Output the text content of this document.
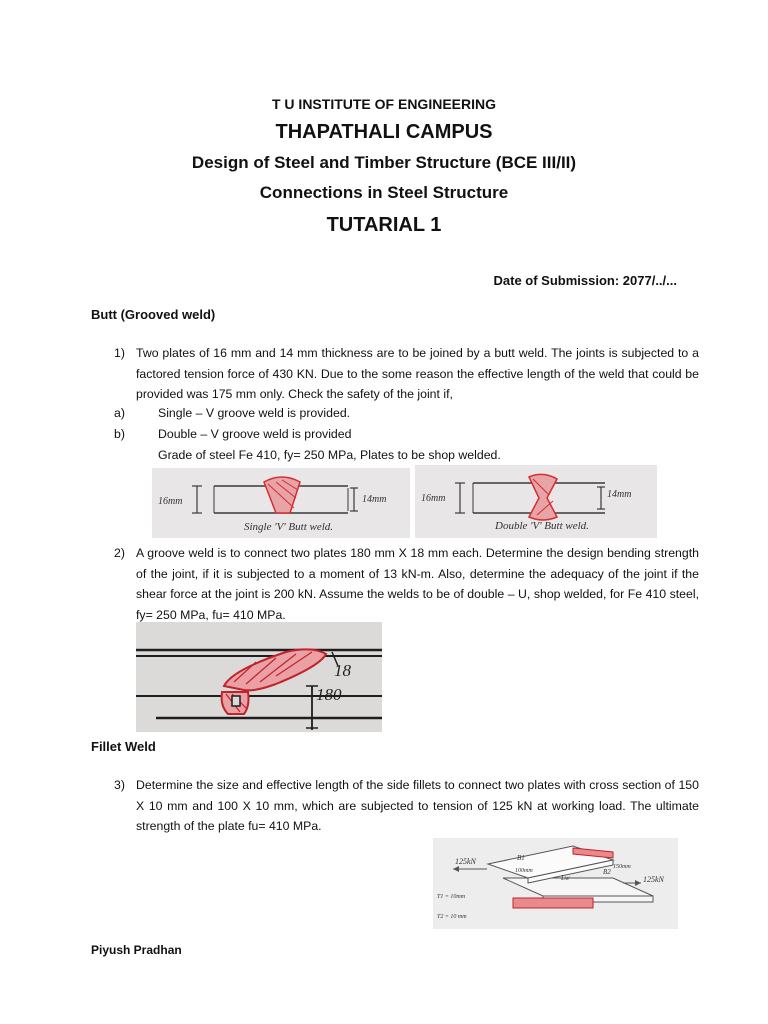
T U INSTITUTE OF ENGINEERING
THAPATHALI CAMPUS
Design of Steel and Timber Structure (BCE III/II)
Connections in Steel Structure
TUTARIAL 1
Date of Submission: 2077/../...
Butt (Grooved weld)
1) Two plates of 16 mm and 14 mm thickness are to be joined by a butt weld. The joints is subjected to a factored tension force of 430 KN. Due to the some reason the effective length of the weld that could be provided was 175 mm only. Check the safety of the joint if,

a)	Single – V groove weld is provided.
b)	Double – V groove weld is provided
Grade of steel Fe 410, fy= 250 MPa, Plates to be shop welded.
16mm	14mm
Single 'V' Butt weld.
16mm	14mm
Double 'V' Butt weld.
2) A groove weld is to connect two plates 180 mm X 18 mm each. Determine the design bending strength of the joint, if it is subjected to a moment of 13 kN-m. Also, determine the adequacy of the joint if the shear force at the joint is 200 kN. Assume the welds to be of double – U, shop welded, for Fe 410 steel, fy= 250 MPa, fu= 410 MPa.

18
180
Fillet Weld
3) Determine the size and effective length of the side fillets to connect two plates with cross section of 150 X 10 mm and 100 X 10 mm, which are subjected to tension of 125 kN at working load. The ultimate strength of the plate fu= 410 MPa.

125kN
125kN
T1 = 10mm
T2 = 10 mm
100mm
150mm
Lw
B1
B2
Piyush Pradhan
